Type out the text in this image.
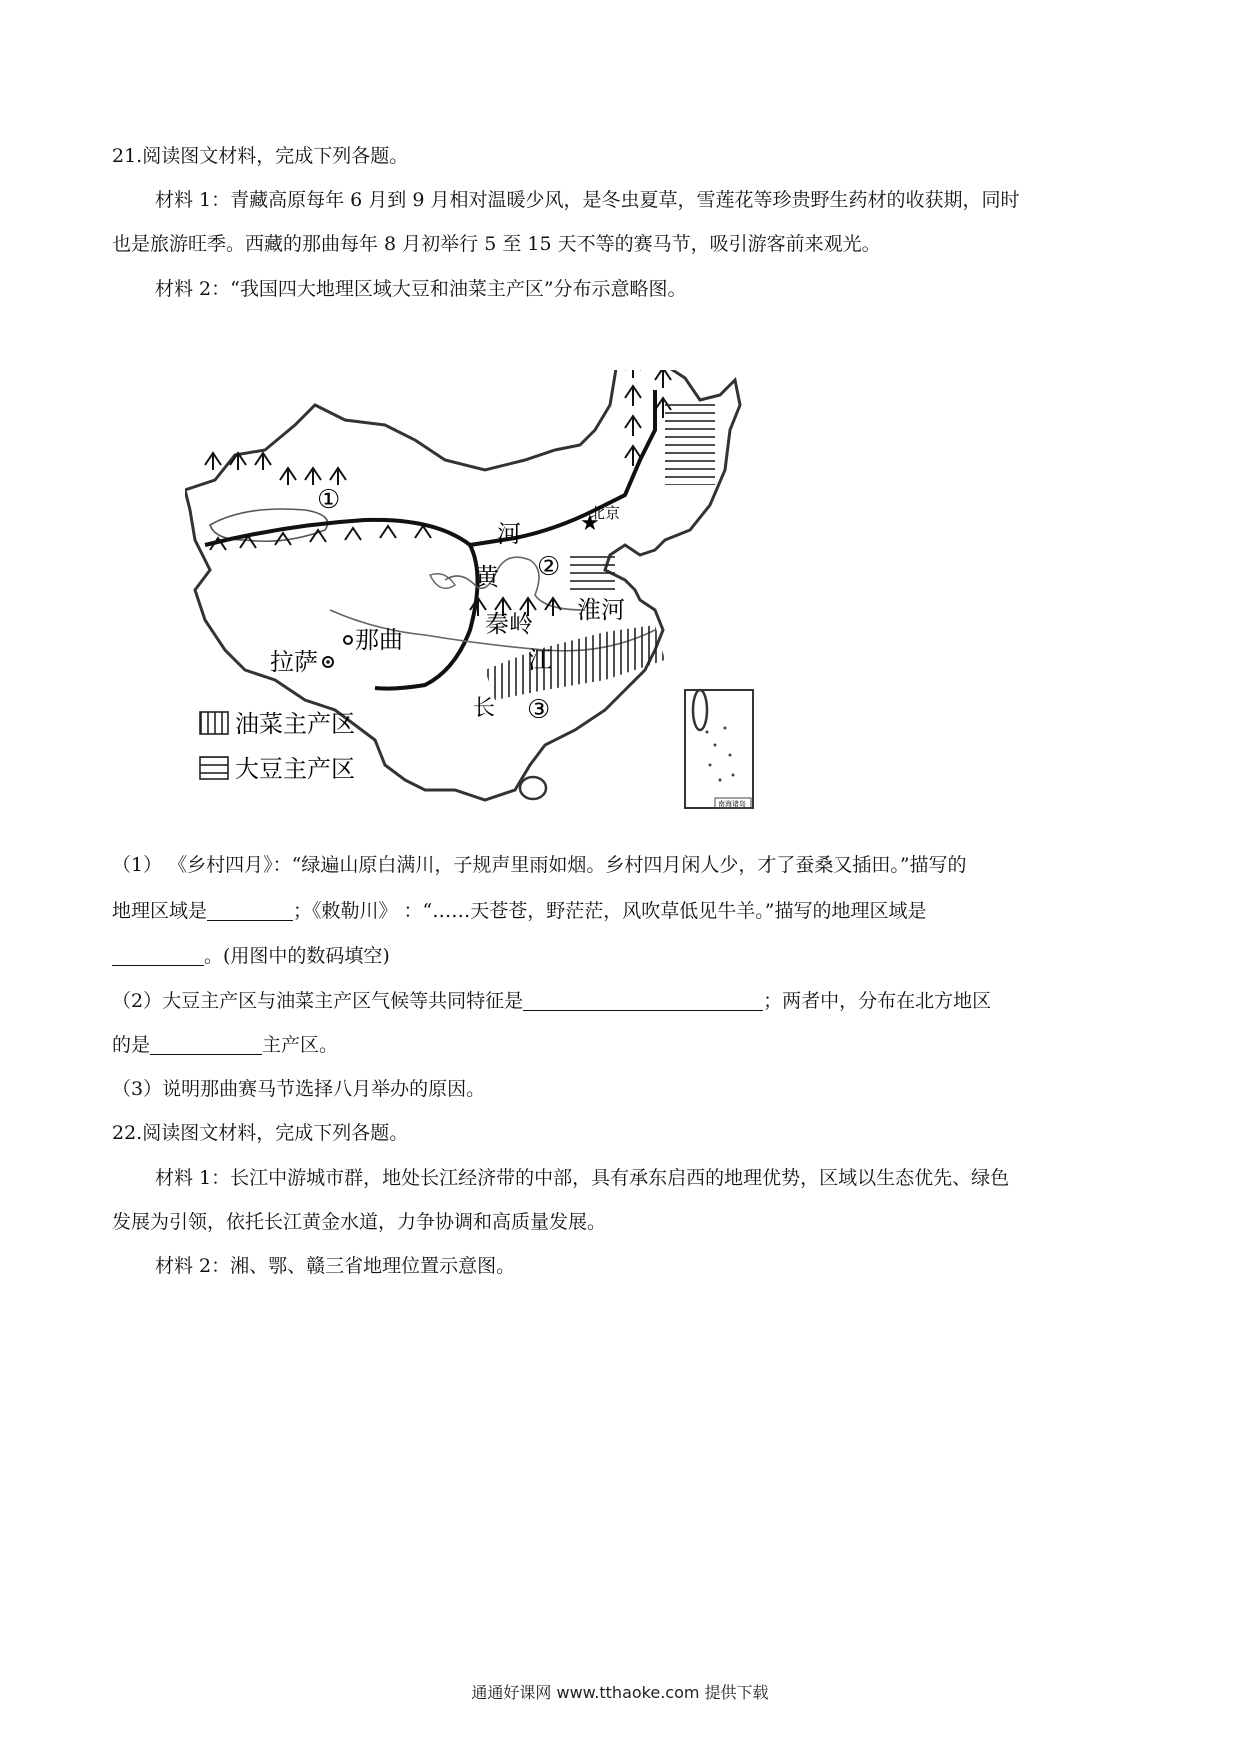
21.阅读图文材料，完成下列各题。
材料 1：青藏高原每年 6 月到 9 月相对温暖少风，是冬虫夏草，雪莲花等珍贵野生药材的收获期，同时
也是旅游旺季。西藏的那曲每年 8 月初举行 5 至 15 天不等的赛马节，吸引游客前来观光。
材料 2：“我国四大地理区域大豆和油菜主产区”分布示意略图。
①
②
③
★
北京
河
黄
淮河
秦岭
江
长
那曲
拉萨
油菜主产区
大豆主产区
南海诸岛
（1） 《乡村四月》：“绿遍山原白满川，子规声里雨如烟。乡村四月闲人少，才了蚕桑又插田。”描写的
地理区域是	；《敕勒川》 ：“……天苍苍，野茫茫，风吹草低见牛羊。”描写的地理区域是
。(用图中的数码填空)
（2）大豆主产区与油菜主产区气候等共同特征是	；两者中，分布在北方地区
的是	主产区。
（3）说明那曲赛马节选择八月举办的原因。
22.阅读图文材料，完成下列各题。
材料 1：长江中游城市群，地处长江经济带的中部，具有承东启西的地理优势，区域以生态优先、绿色
发展为引领，依托长江黄金水道，力争协调和高质量发展。
材料 2：湘、鄂、赣三省地理位置示意图。
通通好课网 www.tthaoke.com 提供下载
